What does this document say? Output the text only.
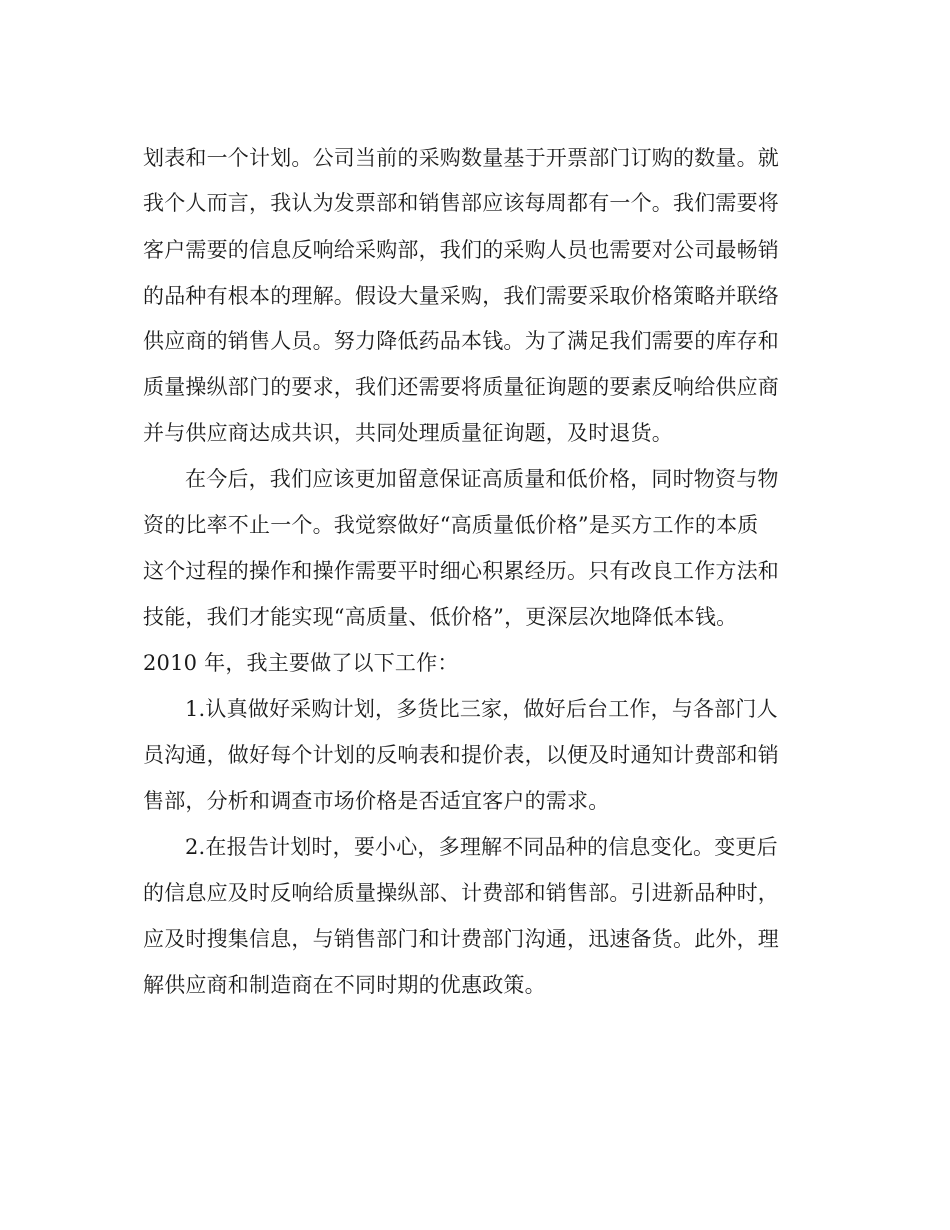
划表和一个计划。公司当前的采购数量基于开票部门订购的数量。就
我个人而言，我认为发票部和销售部应该每周都有一个。我们需要将
客户需要的信息反响给采购部，我们的采购人员也需要对公司最畅销
的品种有根本的理解。假设大量采购，我们需要采取价格策略并联络
供应商的销售人员。努力降低药品本钱。为了满足我们需要的库存和
质量操纵部门的要求，我们还需要将质量征询题的要素反响给供应商
并与供应商达成共识，共同处理质量征询题，及时退货。
在今后，我们应该更加留意保证高质量和低价格，同时物资与物
资的比率不止一个。我觉察做好“高质量低价格”是买方工作的本质
这个过程的操作和操作需要平时细心积累经历。只有改良工作方法和
技能，我们才能实现“高质量、低价格”，更深层次地降低本钱。
2010 年，我主要做了以下工作：
1.认真做好采购计划，多货比三家，做好后台工作，与各部门人
员沟通，做好每个计划的反响表和提价表，以便及时通知计费部和销
售部，分析和调查市场价格是否适宜客户的需求。
2.在报告计划时，要小心，多理解不同品种的信息变化。变更后
的信息应及时反响给质量操纵部、计费部和销售部。引进新品种时，
应及时搜集信息，与销售部门和计费部门沟通，迅速备货。此外，理
解供应商和制造商在不同时期的优惠政策。
